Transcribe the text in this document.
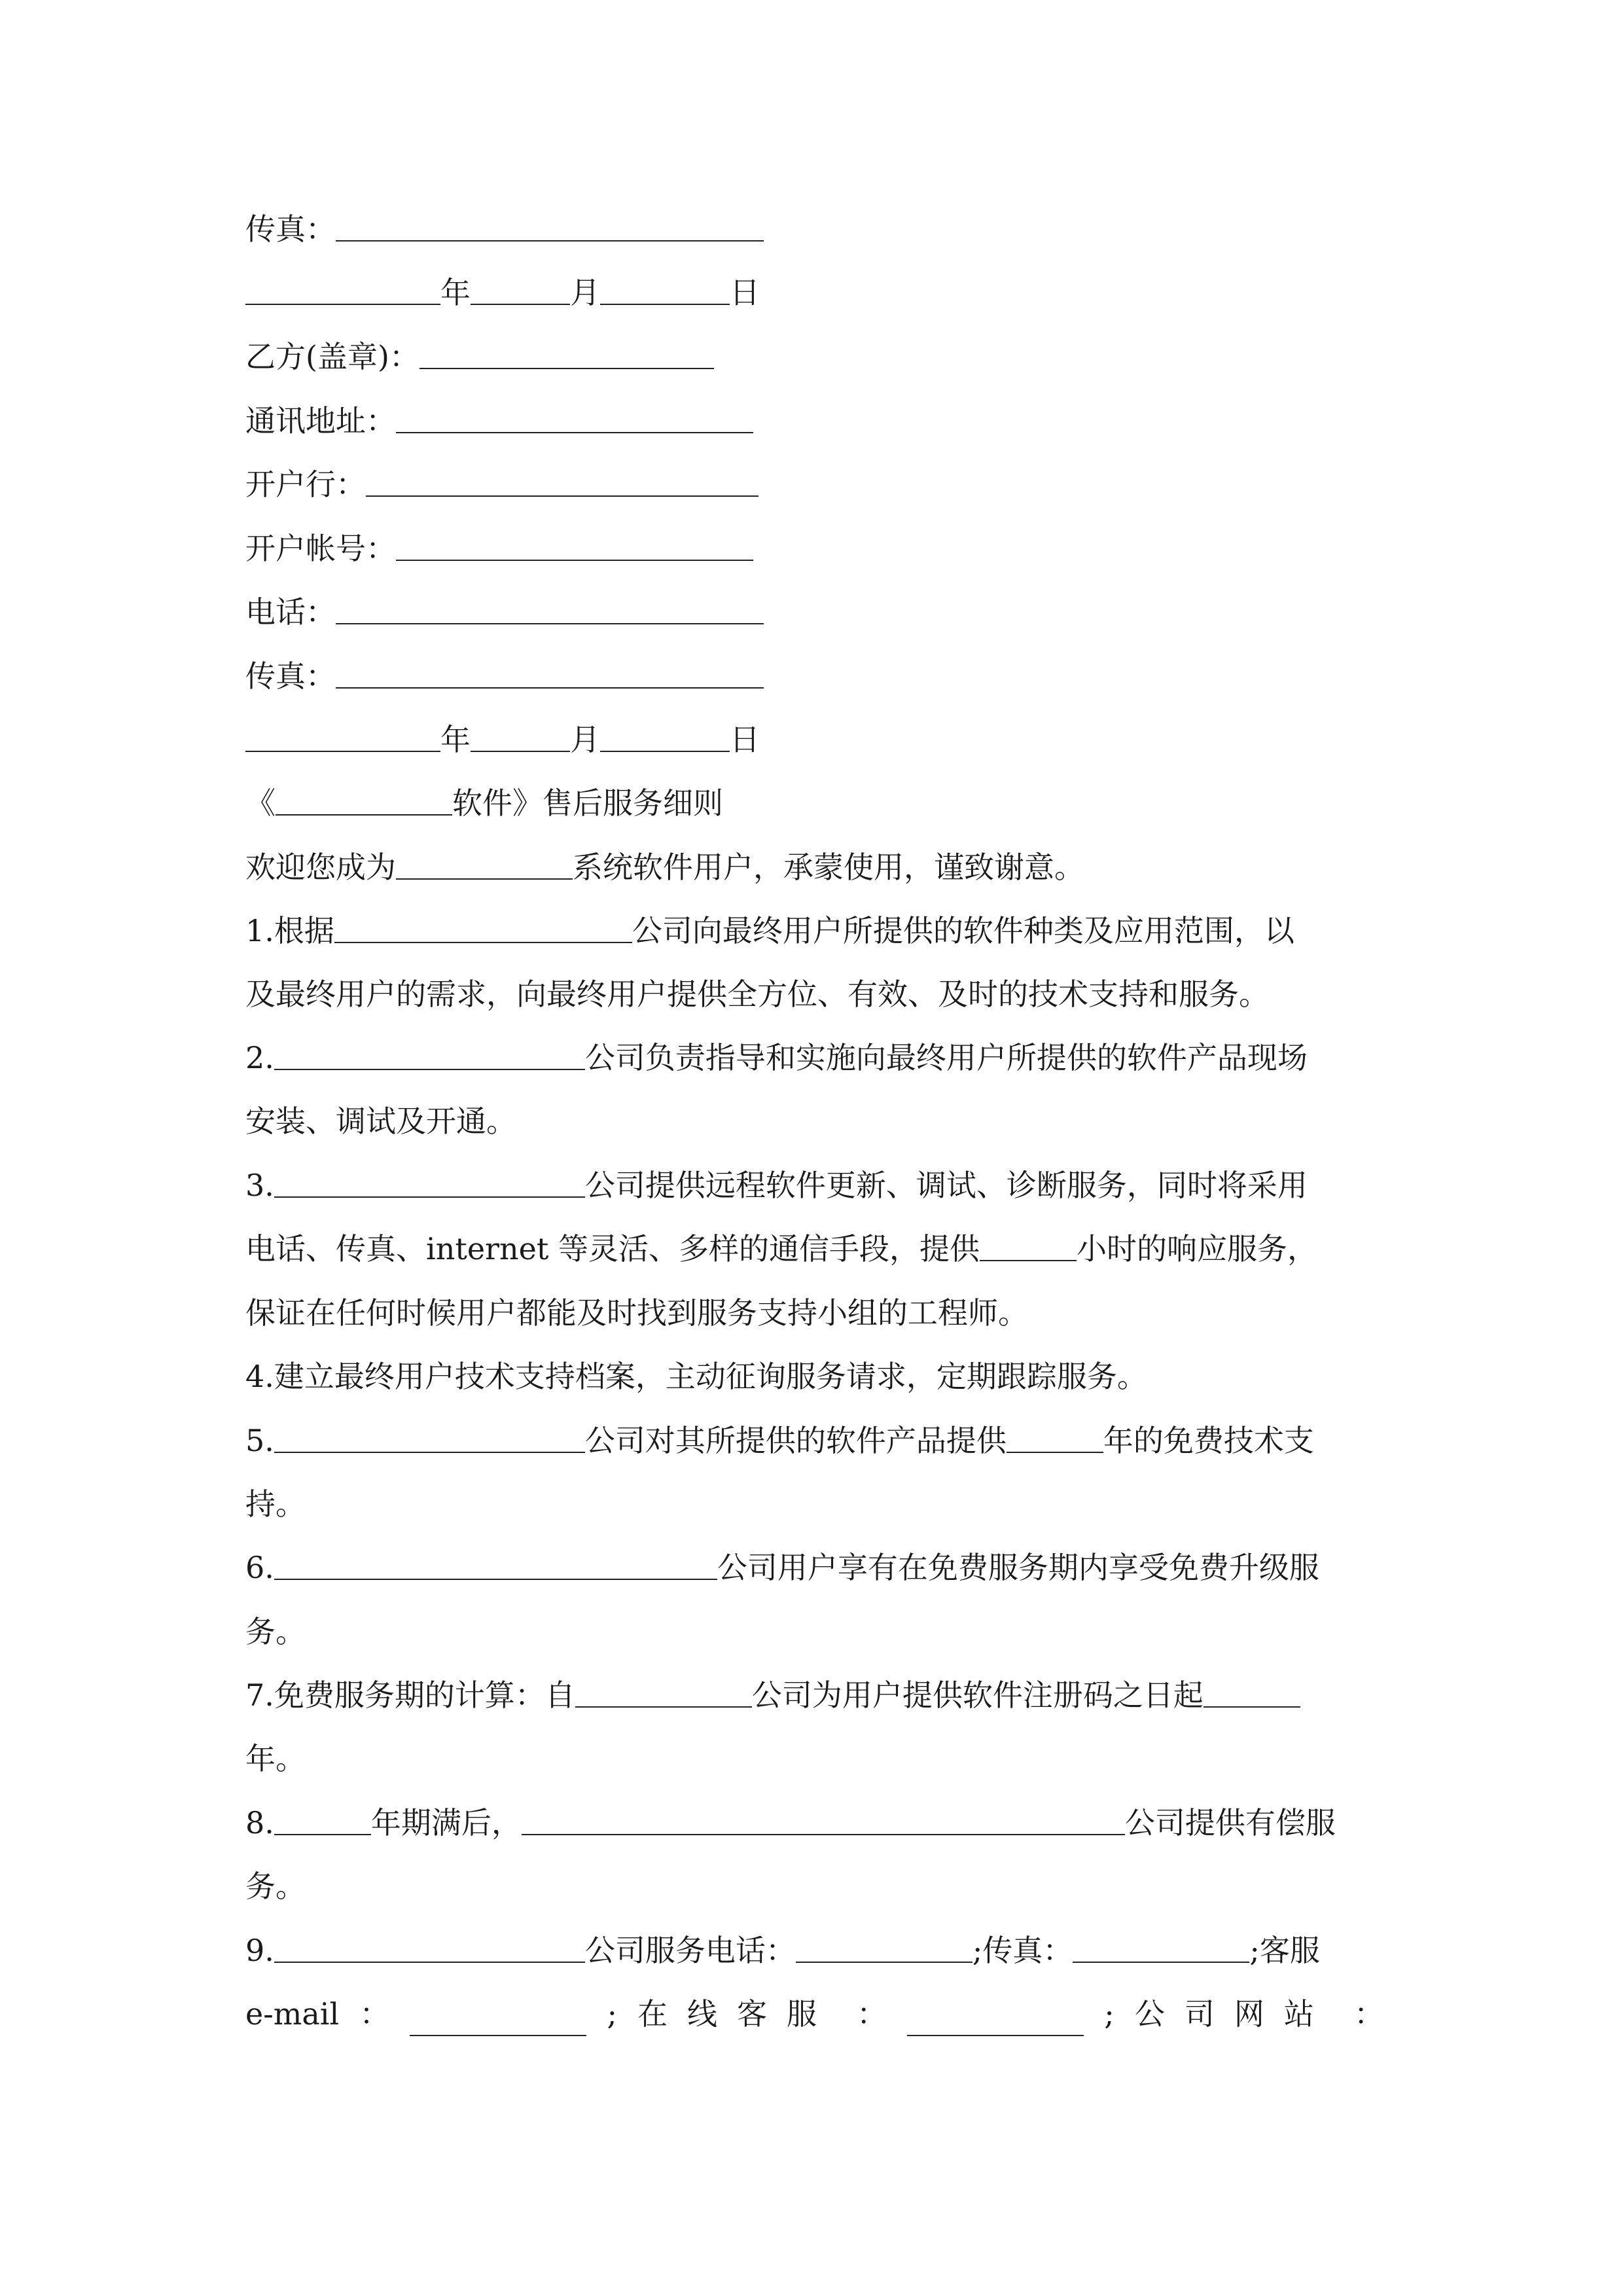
传真：
年	月	日
乙方(盖章)：
通讯地址：
开户行：
开户帐号：
电话：
传真：
年	月	日
《	软件》售后服务细则
欢迎您成为	系统软件用户，承蒙使用，谨致谢意。
1.根据	公司向最终用户所提供的软件种类及应用范围，以
及最终用户的需求，向最终用户提供全方位、有效、及时的技术支持和服务。
2.	公司负责指导和实施向最终用户所提供的软件产品现场
安装、调试及开通。
3.	公司提供远程软件更新、调试、诊断服务，同时将采用
电话、传真、internet 等灵活、多样的通信手段，提供	小时的响应服务，
保证在任何时候用户都能及时找到服务支持小组的工程师。
4.建立最终用户技术支持档案，主动征询服务请求，定期跟踪服务。
5.	公司对其所提供的软件产品提供	年的免费技术支
持。
6.	公司用户享有在免费服务期内享受免费升级服
务。
7.免费服务期的计算：自	公司为用户提供软件注册码之日起
年。
8.	年期满后，	公司提供有偿服
务。
9.	公司服务电话：	;传真：	;客服
e-mail ：	; 在线客服 ：	; 公司网站 ：
